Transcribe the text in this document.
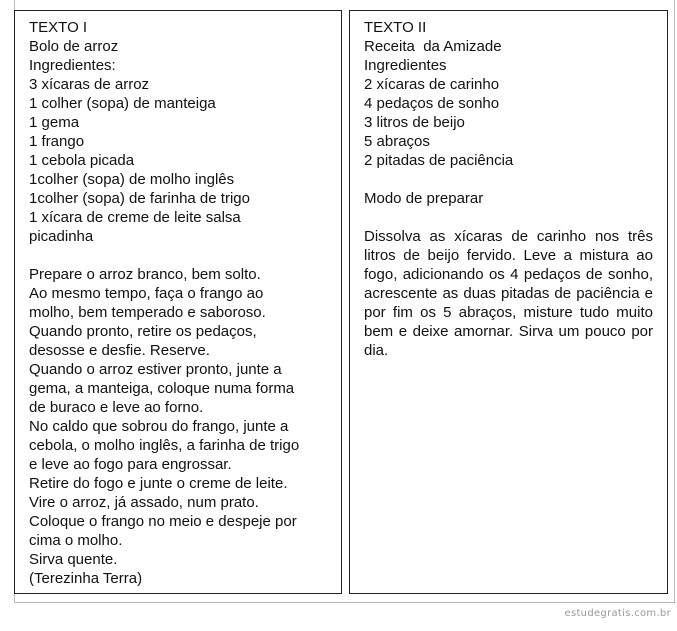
TEXTO I
Bolo de arroz
Ingredientes:
3 xícaras de arroz
1 colher (sopa) de manteiga
1 gema
1 frango
1 cebola picada
1colher (sopa) de molho inglês
1colher (sopa) de farinha de trigo
1 xícara de creme de leite salsa
picadinha
Prepare o arroz branco, bem solto.
Ao mesmo tempo, faça o frango ao
molho, bem temperado e saboroso.
Quando pronto, retire os pedaços,
desosse e desfie. Reserve.
Quando o arroz estiver pronto, junte a
gema, a manteiga, coloque numa forma
de buraco e leve ao forno.
No caldo que sobrou do frango, junte a
cebola, o molho inglês, a farinha de trigo
e leve ao fogo para engrossar.
Retire do fogo e junte o creme de leite.
Vire o arroz, já assado, num prato.
Coloque o frango no meio e despeje por
cima o molho.
Sirva quente.
(Terezinha Terra)
TEXTO II
Receita  da Amizade
Ingredientes
2 xícaras de carinho
4 pedaços de sonho
3 litros de beijo
5 abraços
2 pitadas de paciência
Modo de preparar
Dissolva as xícaras de carinho nos três litros de beijo fervido. Leve a mistura ao fogo, adicionando os 4 pedaços de sonho, acrescente as duas pitadas de paciência e por fim os 5 abraços, misture tudo muito bem e deixe amornar. Sirva um pouco por dia.
estudegratis.com.br
